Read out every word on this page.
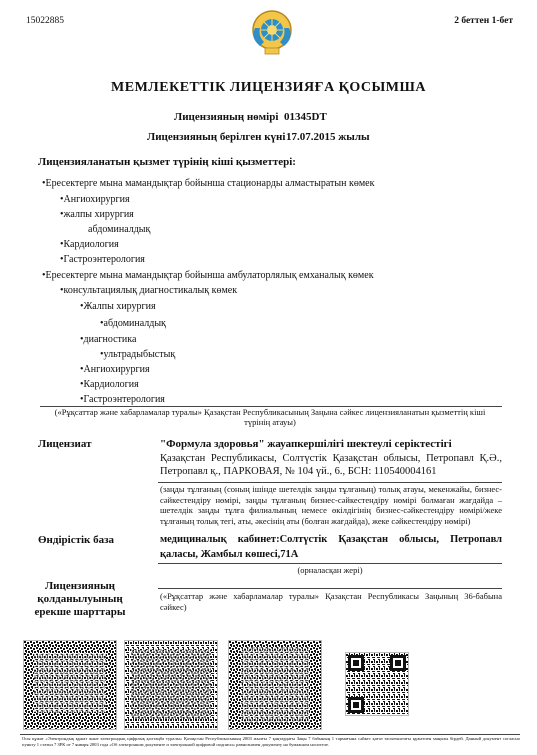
15022885	2 беттен 1-бет
МЕМЛЕКЕТТІК ЛИЦЕНЗИЯҒА ҚОСЫМША
Лицензияның нөмірі 01345DT
Лицензияның берілген күні 17.07.2015 жылы
Лицензияланатын қызмет түрінің кіші қызметтері:
•Ересектерге мына мамандықтар бойынша стационарды алмастыратын көмек
•Ангиохирургия
•жалпы хирургия
абдоминалдық
•Кардиология
•Гастроэнтерология
•Ересектерге мына мамандықтар бойынша амбулаторлялық емханалық көмек
•консультациялық диагностикалық көмек
•Жалпы хирургия
•абдоминалдық
•диагностика
•ультрадыбыстық
•Ангиохирургия
•Кардиология
•Гастроэнтерология
(«Рұқсаттар және хабарламалар туралы» Қазақстан Республикасының Заңына сәйкес лицензияланатын қызметтің кіші түрінің атауы)
Лицензиат	"Формула здоровья" жауапкершілігі шектеулі серіктестігі
Қазақстан Республикасы, Солтүстік Қазақстан облысы, Петропавл Қ.Ә., Петропавл қ., ПАРКОВАЯ, № 104 үй., 6., БСН: 110540004161
(заңды тұлғаның (соның ішінде шетелдік заңды тұлғаның) толық атауы, мекенжайы, бизнес-сәйкестендіру нөмірі, заңды тұлғаның бизнес-сәйкестендіру нөмірі болмаған жағдайда – шетелдік заңды тұлға филиалының немесе өкілдігінің бизнес-сәйкестендіру нөмірі/жеке тұлғаның толық тегі, аты, әкесінің аты (болған жағдайда), жеке сәйкестендіру нөмірі)
Өндірістік база	медициналық кабинет:Солтүстік Қазақстан облысы, Петропавл қаласы, Жамбыл көшесі,71А
(орналасқан жері)
Лицензияның қолданылуының ерекше шарттары
(«Рұқсаттар және хабарламалар туралы» Қазақстан Республикасы Заңының 36-бабына сәйкес)
Осы құжат «Электрондық құжат және электрондық цифрлық қолтаңба туралы» Қазақстан Республикасының 2003 жылғы 7 қаңтардағы Заңы 7 бабының 1 тармағына сәйкес қағаз тасығыштағы құжатпен маңызы бірдей. Данный документ согласно пункту 1 статьи 7 ЗРК от 7 января 2003 года «Об электронном документе и электронной цифровой подписи» равнозначен документу на бумажном носителе.
